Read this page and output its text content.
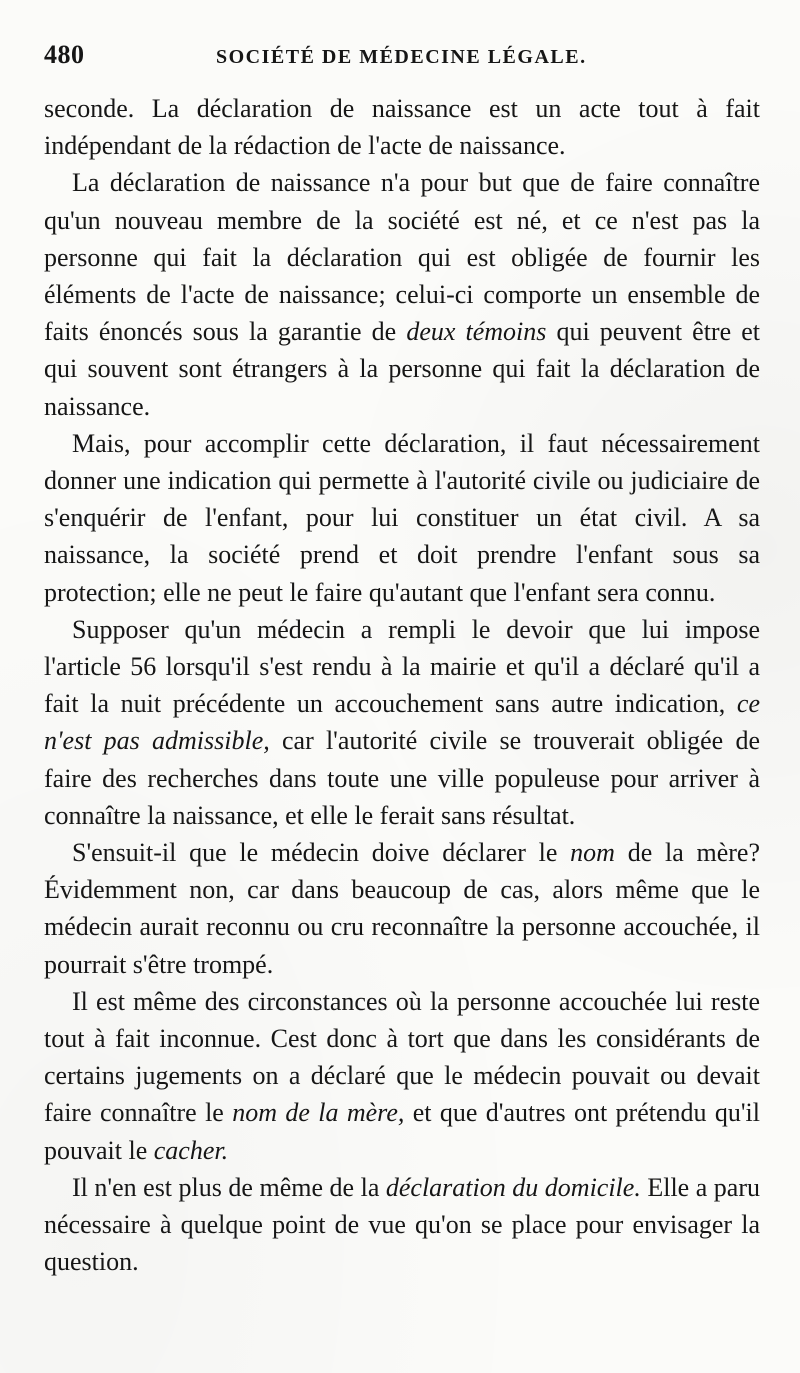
480	SOCIÉTÉ DE MÉDECINE LÉGALE.

seconde. La déclaration de naissance est un acte tout à fait indépendant de la rédaction de l'acte de naissance.

La déclaration de naissance n'a pour but que de faire connaître qu'un nouveau membre de la société est né, et ce n'est pas la personne qui fait la déclaration qui est obligée de fournir les éléments de l'acte de naissance; celui-ci comporte un ensemble de faits énoncés sous la garantie de deux témoins qui peuvent être et qui souvent sont étrangers à la personne qui fait la déclaration de naissance.

Mais, pour accomplir cette déclaration, il faut nécessairement donner une indication qui permette à l'autorité civile ou judiciaire de s'enquérir de l'enfant, pour lui constituer un état civil. A sa naissance, la société prend et doit prendre l'enfant sous sa protection; elle ne peut le faire qu'autant que l'enfant sera connu.

Supposer qu'un médecin a rempli le devoir que lui impose l'article 56 lorsqu'il s'est rendu à la mairie et qu'il a déclaré qu'il a fait la nuit précédente un accouchement sans autre indication, ce n'est pas admissible, car l'autorité civile se trouverait obligée de faire des recherches dans toute une ville populeuse pour arriver à connaître la naissance, et elle le ferait sans résultat.

S'ensuit-il que le médecin doive déclarer le nom de la mère? Évidemment non, car dans beaucoup de cas, alors même que le médecin aurait reconnu ou cru reconnaître la personne accouchée, il pourrait s'être trompé.

Il est même des circonstances où la personne accouchée lui reste tout à fait inconnue. Cest donc à tort que dans les considérants de certains jugements on a déclaré que le médecin pouvait ou devait faire connaître le nom de la mère, et que d'autres ont prétendu qu'il pouvait le cacher.

Il n'en est plus de même de la déclaration du domicile. Elle a paru nécessaire à quelque point de vue qu'on se place pour envisager la question.
